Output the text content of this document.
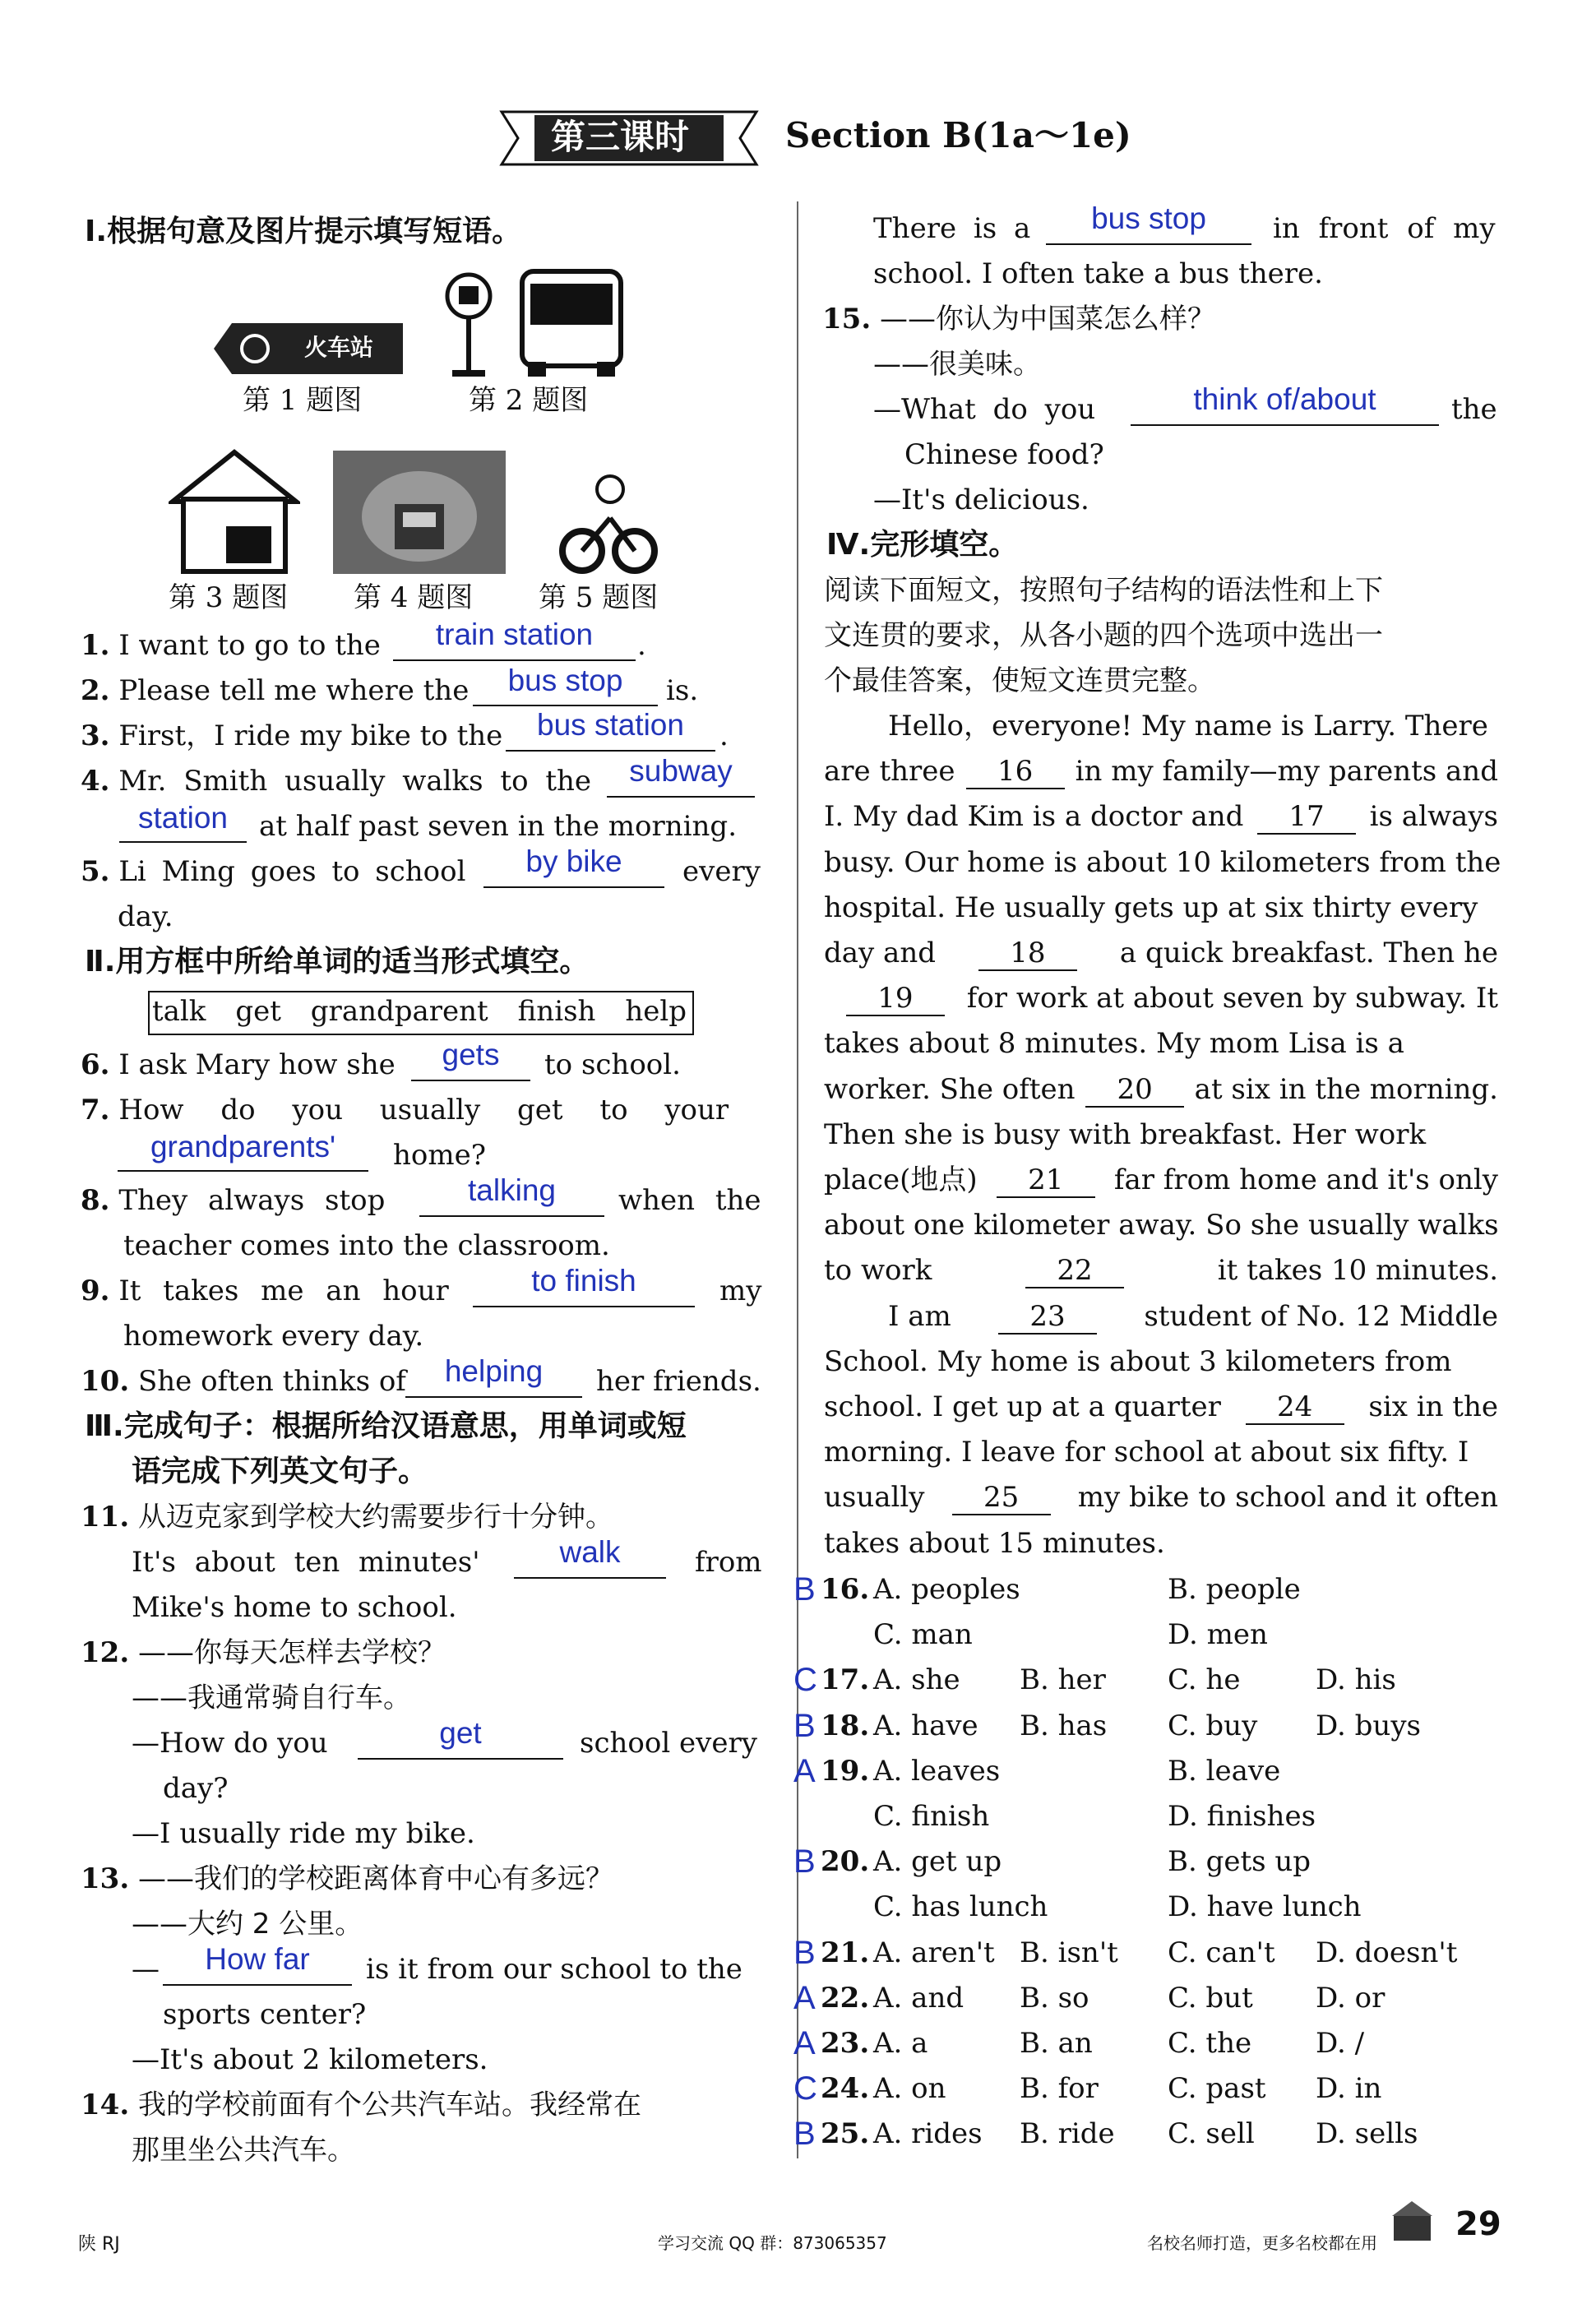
第三课时	Section B(1a～1e)
Ⅰ.根据句意及图片提示填写短语。
火车站
第 1 题图	第 2 题图
第 3 题图 第 4 题图 第 5 题图
1. I want to go to the	train station	.
2. Please tell me where the	bus stop	is.
3. First，I ride my bike to the	bus station	.
4. Mr. Smith usually walks to the	subway
station	at half past seven in the morning.
5. Li Ming goes to school	by bike	every
day.
Ⅱ.用方框中所给单词的适当形式填空。
talk get grandparent finish help
6. I ask Mary how she	gets	to school.
7. How do you usually get to your
grandparents'	home?
8. They always stop	talking	when the
teacher comes into the classroom.
9. It takes me an hour	to finish	my
homework every day.
10. She often thinks of	helping	her friends.
Ⅲ.完成句子：根据所给汉语意思，用单词或短
语完成下列英文句子。
11. 从迈克家到学校大约需要步行十分钟。
It's about ten minutes'	walk	from
Mike's home to school.
12. ——你每天怎样去学校？
——我通常骑自行车。
—How do you	get	school every
day?
—I usually ride my bike.
13. ——我们的学校距离体育中心有多远？
——大约 2 公里。
—	How far	is it from our school to the
sports center?
—It's about 2 kilometers.
14. 我的学校前面有个公共汽车站。我经常在
那里坐公共汽车。
There is a	bus stop	in front of my
school. I often take a bus there.
15. ——你认为中国菜怎么样？
——很美味。
—What do you	think of/about	the
Chinese food?
—It's delicious.
Ⅳ.完形填空。
阅读下面短文，按照句子结构的语法性和上下
文连贯的要求，从各小题的四个选项中选出一
个最佳答案，使短文连贯完整。
Hello，everyone! My name is Larry. There
are three	16	in my family—my parents and
I. My dad Kim is a doctor and	17	is always
busy. Our home is about 10 kilometers from the
hospital. He usually gets up at six thirty every
day and	18	a quick breakfast. Then he
19	for work at about seven by subway. It
takes about 8 minutes. My mom Lisa is a
worker. She often	20	at six in the morning.
Then she is busy with breakfast. Her work
place(地点)	21	far from home and it's only
about one kilometer away. So she usually walks
to work	22	it takes 10 minutes.
I am	23	student of No. 12 Middle
School. My home is about 3 kilometers from
school. I get up at a quarter	24	six in the
morning. I leave for school at about six fifty. I
usually	25	my bike to school and it often
takes about 15 minutes.
B 16. A. peoples	B. people
C. man	D. men
C 17. A. she B. her C. he	D. his
B 18. A. have B. has C. buy D. buys
A 19. A. leaves	B. leave
C. finish	D. finishes
B 20. A. get up	B. gets up
C. has lunch	D. have lunch
B 21. A. aren't B. isn't C. can't D. doesn't
A 22. A. and B. so	C. but D. or
A 23. A. a	B. an	C. the D. /
C 24. A. on	B. for C. past D. in
B 25. A. rides B. ride C. sell D. sells
陕 RJ	学习交流 QQ 群：873065357	名校名师打造，更多名校都在用 29
